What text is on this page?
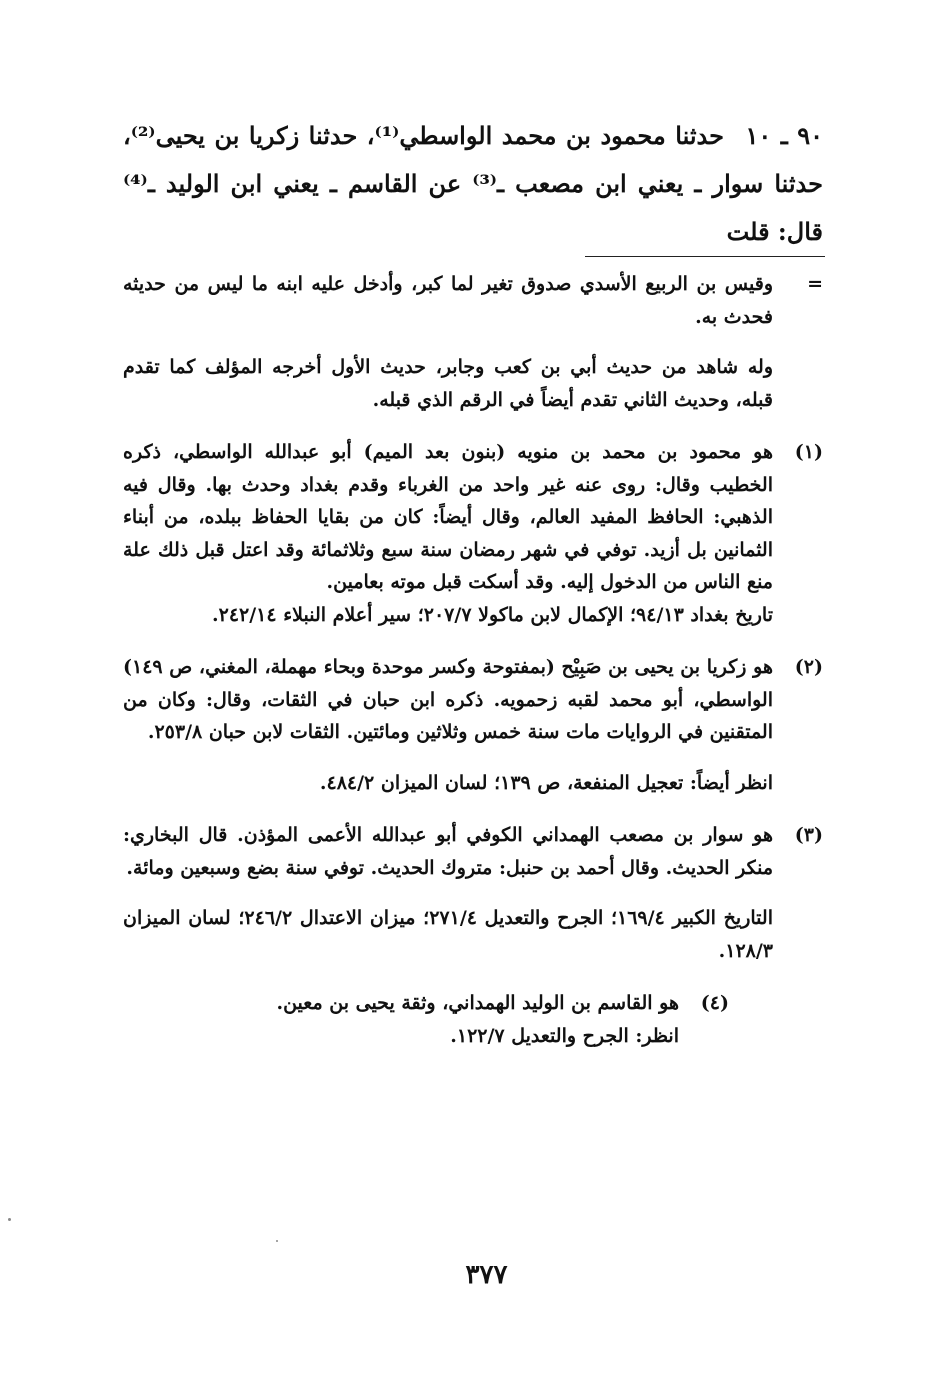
٩٠ ـ ١٠ حدثنا محمود بن محمد الواسطي⁽¹⁾، حدثنا زكريا بن يحيى⁽²⁾، حدثنا سوار ـ يعني ابن مصعب ـ⁽³⁾ عن القاسم ـ يعني ابن الوليد ـ⁽⁴⁾ قال: قلت
=

وقيس بن الربيع الأسدي صدوق تغير لما كبر، وأدخل عليه ابنه ما ليس من حديثه فحدث به.

وله شاهد من حديث أبي بن كعب وجابر، حديث الأول أخرجه المؤلف كما تقدم قبله، وحديث الثاني تقدم أيضاً في الرقم الذي قبله.

(١)

هو محمود بن محمد بن منويه (بنون بعد الميم) أبو عبدالله الواسطي، ذكره الخطيب وقال: روى عنه غير واحد من الغرباء وقدم بغداد وحدث بها. وقال فيه الذهبي: الحافظ المفيد العالم، وقال أيضاً: كان من بقايا الحفاظ ببلده، من أبناء الثمانين بل أزيد. توفي في شهر رمضان سنة سبع وثلاثمائة وقد اعتل قبل ذلك علة منع الناس من الدخول إليه. وقد أسكت قبل موته بعامين.

تاريخ بغداد ٩٤/١٣؛ الإكمال لابن ماكولا ٢٠٧/٧؛ سير أعلام النبلاء ٢٤٢/١٤.

(٢)

هو زكريا بن يحيى بن صَبِيْح (بمفتوحة وكسر موحدة وبحاء مهملة، المغني، ص ١٤٩) الواسطي، أبو محمد لقبه زحمويه. ذكره ابن حبان في الثقات، وقال: وكان من المتقنين في الروايات مات سنة خمس وثلاثين ومائتين. الثقات لابن حبان ٢٥٣/٨.

انظر أيضاً: تعجيل المنفعة، ص ١٣٩؛ لسان الميزان ٤٨٤/٢.

(٣)

هو سوار بن مصعب الهمداني الكوفي أبو عبدالله الأعمى المؤذن. قال البخاري: منكر الحديث. وقال أحمد بن حنبل: متروك الحديث. توفي سنة بضع وسبعين ومائة.

التاريخ الكبير ١٦٩/٤؛ الجرح والتعديل ٢٧١/٤؛ ميزان الاعتدال ٢٤٦/٢؛ لسان الميزان ١٢٨/٣.

(٤)

هو القاسم بن الوليد الهمداني، وثقة يحيى بن معين.

انظر: الجرح والتعديل ١٢٢/٧.

٣٧٧
